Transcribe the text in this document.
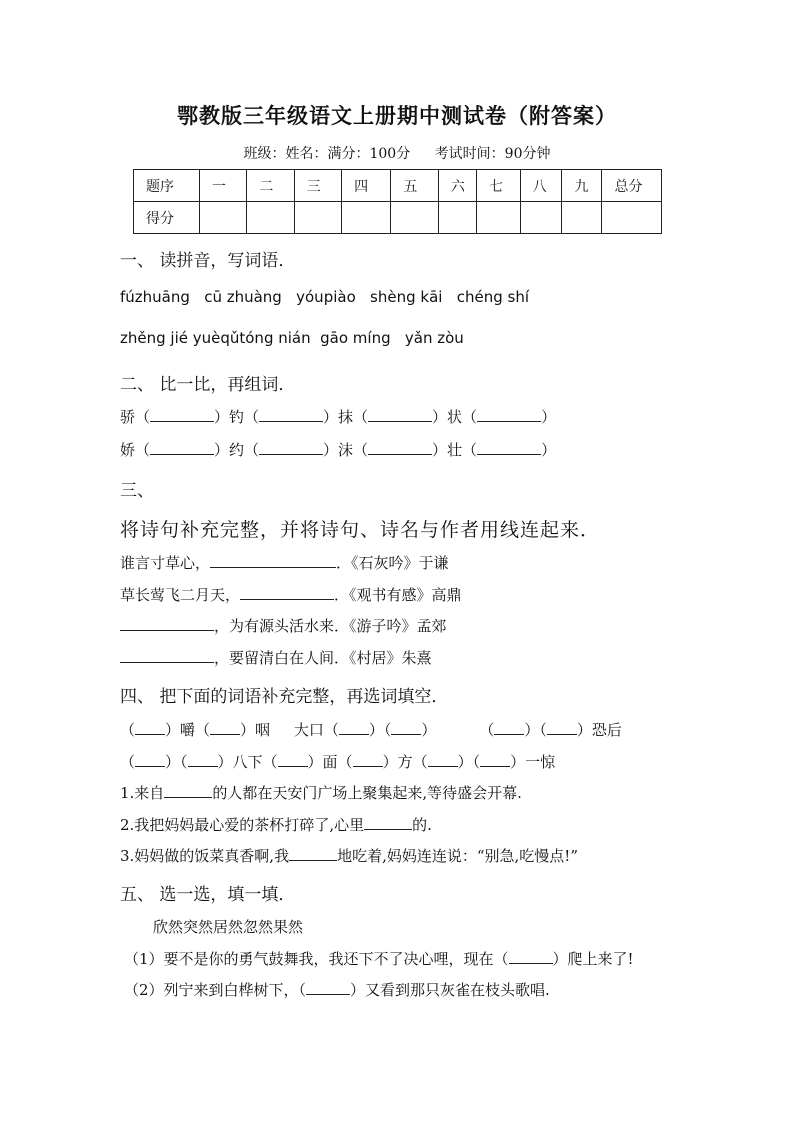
鄂教版三年级语文上册期中测试卷（附答案）
班级：姓名：满分：100分 考试时间：90分钟
题序	一	二	三	四	五	六	七	八	九	总分
得分										
一、 读拼音，写词语．
fúzhuāng   cū zhuàng   yóupiào   shèng kāi   chéng shí
zhěng jié yuèqǔtóng nián  gāo míng   yǎn zòu
二、 比一比，再组词．
骄（	）钓（	）抹（	）状（	）
娇（	）约（	）沫（	）壮（	）
三、
将诗句补充完整，并将诗句、诗名与作者用线连起来．
谁言寸草心，	．《石灰吟》于谦
草长莺飞二月天，	．《观书有感》高鼎
，为有源头活水来．《游子吟》孟郊
，要留清白在人间．《村居》朱熹
四、 把下面的词语补充完整，再选词填空．
（ ）嚼（ ）咽     大口（ ）（ ）         （ ）（ ）恐后
（ ）（ ）八下（ ）面（ ）方（ ）（ ）一惊
1.来自	的人都在天安门广场上聚集起来,等待盛会开幕.
2.我把妈妈最心爱的茶杯打碎了,心里	的.
3.妈妈做的饭菜真香啊,我	地吃着,妈妈连连说：“别急,吃慢点!”
五、 选一选，填一填．
欣然突然居然忽然果然
（1）要不是你的勇气鼓舞我，我还下不了决心哩，现在（	）爬上来了!
（2）列宁来到白桦树下，（	）又看到那只灰雀在枝头歌唱.
